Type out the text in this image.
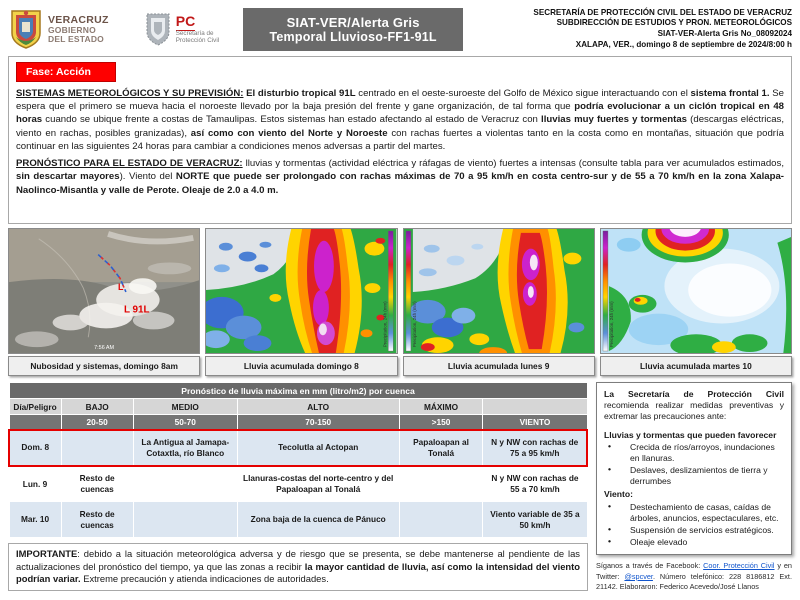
VERACRUZ
GOBIERNO
DEL ESTADO
PC
Secretaría de
Protección Civil
SIAT-VER/Alerta Gris
Temporal Lluvioso-FF1-91L
SECRETARÍA DE PROTECCIÓN CIVIL DEL ESTADO DE VERACRUZ
SUBDIRECCIÓN DE ESTUDIOS Y PRON. METEOROLÓGICOS
SIAT-VER-Alerta Gris No_08092024
XALAPA, VER., domingo 8 de septiembre de 2024/8:00 h
Fase: Acción

SISTEMAS METEOROLÓGICOS Y SU PREVISIÓN: El disturbio tropical 91L centrado en el oeste-suroeste del Golfo de México sigue interactuando con el sistema frontal 1. Se espera que el primero se mueva hacia el noroeste llevado por la baja presión del frente y gane organización, de tal forma que podría evolucionar a un ciclón tropical en 48 horas cuando se ubique frente a costas de Tamaulipas. Estos sistemas han estado afectando al estado de Veracruz con lluvias muy fuertes y tormentas (descargas eléctricas, viento en rachas, posibles granizadas), así como con viento del Norte y Noroeste con rachas fuertes a violentas tanto en la costa como en montañas, situación que podría continuar en las siguientes 24 horas para cambiar a condiciones menos adversas a partir del martes.

PRONÓSTICO PARA EL ESTADO DE VERACRUZ: lluvias y tormentas (actividad eléctrica y ráfagas de viento) fuertes a intensas (consulte tabla para ver acumulados estimados, sin descartar mayores). Viento del NORTE que puede ser prolongado con rachas máximas de 70 a 95 km/h en costa centro-sur y de 55 a 70 km/h en la zona Xalapa-Naolinco-Misantla y valle de Perote. Oleaje de 2.0 a 4.0 m.

L
L 91L
7:56 AM
Nubosidad y sistemas, domingo 8am
Precipitation, 24h (mm)
Lluvia acumulada domingo 8
Precipitation, 24h (mm)
Lluvia acumulada lunes 9
Precipitation, 24h (mm)
Lluvia acumulada martes 10
Pronóstico de lluvia máxima en mm (litro/m2) por cuenca					
Día/Peligro	BAJO	MEDIO	ALTO	MÁXIMO	
	20-50	50-70	70-150	>150	VIENTO
Dom. 8		La Antigua al Jamapa-Cotaxtla, río Blanco	Tecolutla al Actopan	Papaloapan al Tonalá	N y NW con rachas de 75 a 95 km/h
Lun. 9	Resto de cuencas		Llanuras-costas del norte-centro y del Papaloapan al Tonalá		N y NW con rachas de 55 a 70 km/h
Mar. 10	Resto de cuencas		Zona baja de la cuenca de Pánuco		Viento variable de 35 a 50 km/h
IMPORTANTE: debido a la situación meteorológica adversa y de riesgo que se presenta, se debe mantenerse al pendiente de las actualizaciones del pronóstico del tiempo, ya que las zonas a recibir la mayor cantidad de lluvia, así como la intensidad del viento podrían variar. Extreme precaución y atienda indicaciones de autoridades.
La Secretaría de Protección Civil recomienda realizar medidas preventivas y extremar las precauciones ante:
Lluvias y tormentas que pueden favorecer
• Crecida de ríos/arroyos, inundaciones en llanuras.
• Deslaves, deslizamientos de tierra y derrumbes
Viento:
• Destechamiento de casas, caídas de árboles, anuncios, espectaculares, etc.
• Suspensión de servicios estratégicos.
• Oleaje elevado
Síganos a través de Facebook: Coor. Protección Civil y en Twitter: @spcver. Número telefónico: 228 8186812 Ext. 21142. Elaboraron: Federico Acevedo/José Llanos
